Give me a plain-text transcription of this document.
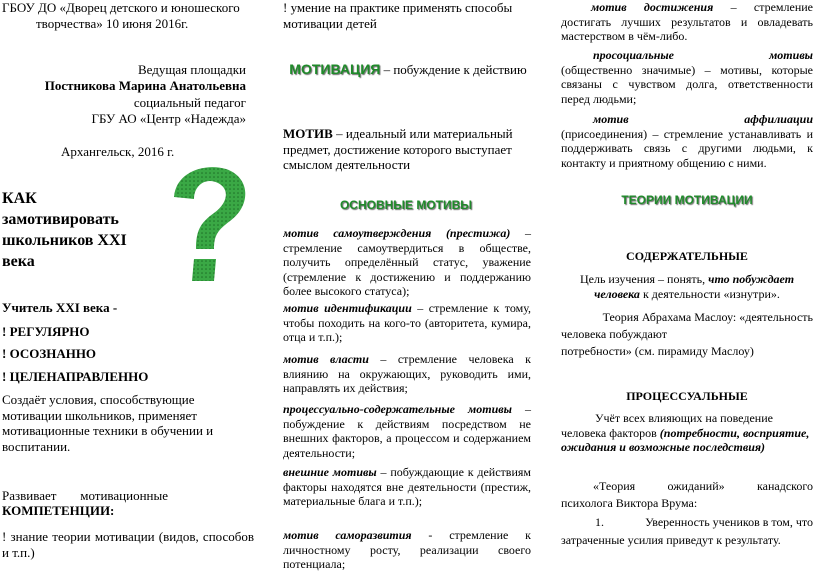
ГБОУ ДО «Дворец детского и юношеского

творчества» 10 июня 2016г.

Ведущая площадки

Постникова Марина Анатольевна

социальный педагог

ГБУ АО «Центр «Надежда»

Архангельск, 2016 г.

КАК
замотивировать
школьников XXI
века

Учитель XXI века -

! РЕГУЛЯРНО

! ОСОЗНАННО

! ЦЕЛЕНАПРАВЛЕННО

Создаёт условия, способствующие мотивации школьников, применяет мотивационные техники в обучении и воспитании.

Развивает мотивационные

КОМПЕТЕНЦИИ:

! знание теории мотивации (видов, способов и т.п.)

! умение на практике применять способы мотивации детей

МОТИВАЦИЯ – побуждение к действию

МОТИВ – идеальный или материальный предмет, достижение которого выступает смыслом деятельности

ОСНОВНЫЕ МОТИВЫ

мотив самоутверждения (престижа) – стремление самоутвердиться в обществе, получить определённый статус, уважение (стремление к достижению и поддержанию более высокого статуса);

мотив идентификации – стремление к тому, чтобы походить на кого-то (авторитета, кумира, отца и т.п.);

мотив власти – стремление человека к влиянию на окружающих, руководить ими, направлять их действия;

процессуально-содержательные мотивы – побуждение к действиям посредством не внешних факторов, а процессом и содержанием деятельности;

внешние мотивы – побуждающие к действиям факторы находятся вне деятельности (престиж, материальные блага и т.п.);

мотив саморазвития - стремление к личностному росту, реализации своего потенциала;

мотив достижения – стремление достигать лучших результатов и овладевать мастерством в чём-либо.

просоциальные мотивы
(общественно значимые) – мотивы, которые связаны с чувством долга, ответственности перед людьми;

мотив аффилиации
(присоединения) – стремление устанавливать и поддерживать связь с другими людьми, к контакту и приятному общению с ними.

ТЕОРИИ МОТИВАЦИИ

СОДЕРЖАТЕЛЬНЫЕ

Цель изучения – понять, что побуждает человека к деятельности «изнутри».

Теория Абрахама Маслоу: «деятельность

человека побуждают

потребности» (см. пирамиду Маслоу)

ПРОЦЕССУАЛЬНЫЕ

Учёт всех влияющих на поведение человека факторов (потребности, восприятие, ожидания и возможные последствия)

«Теория ожиданий» канадского

психолога Виктора Врума:

1.	Уверенность учеников в том, что

затраченные усилия приведут к результату.
